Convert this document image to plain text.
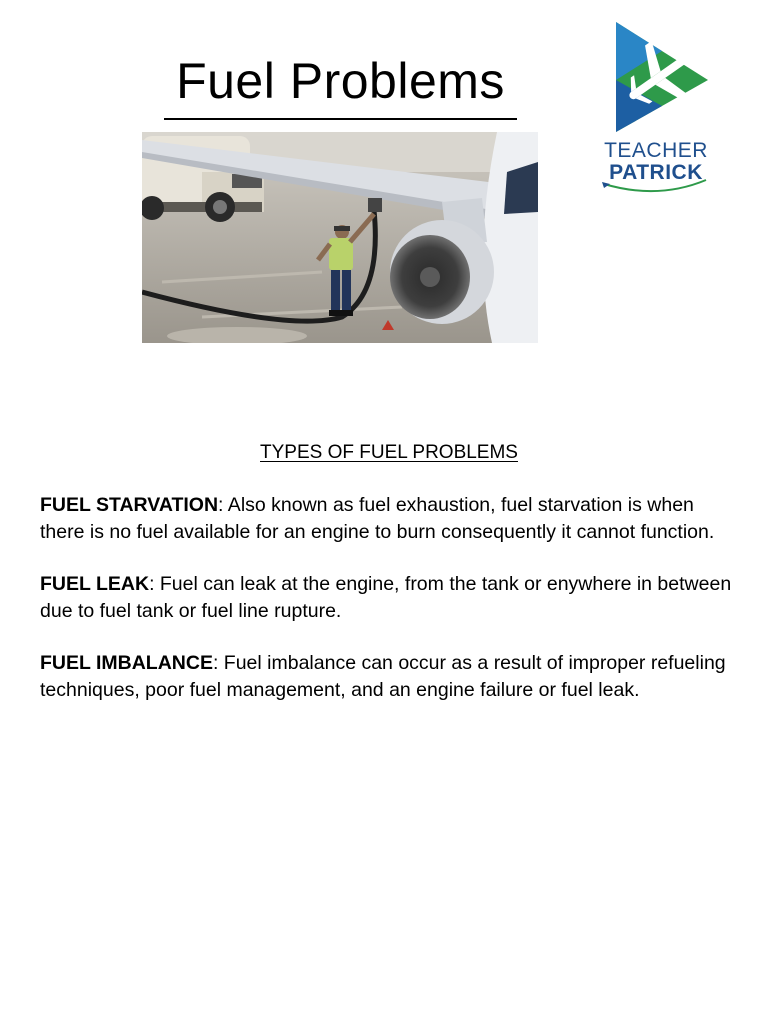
Fuel Problems
TEACHER
PATRICK
TYPES OF FUEL PROBLEMS

FUEL STARVATION: Also known as fuel exhaustion, fuel starvation is when there is no fuel available for an engine to burn consequently it cannot function.

FUEL LEAK: Fuel can leak at the engine, from the tank or enywhere in between due to fuel tank or fuel line rupture.

FUEL IMBALANCE: Fuel imbalance can occur as a result of improper refueling techniques, poor fuel management, and an engine failure or fuel leak.
